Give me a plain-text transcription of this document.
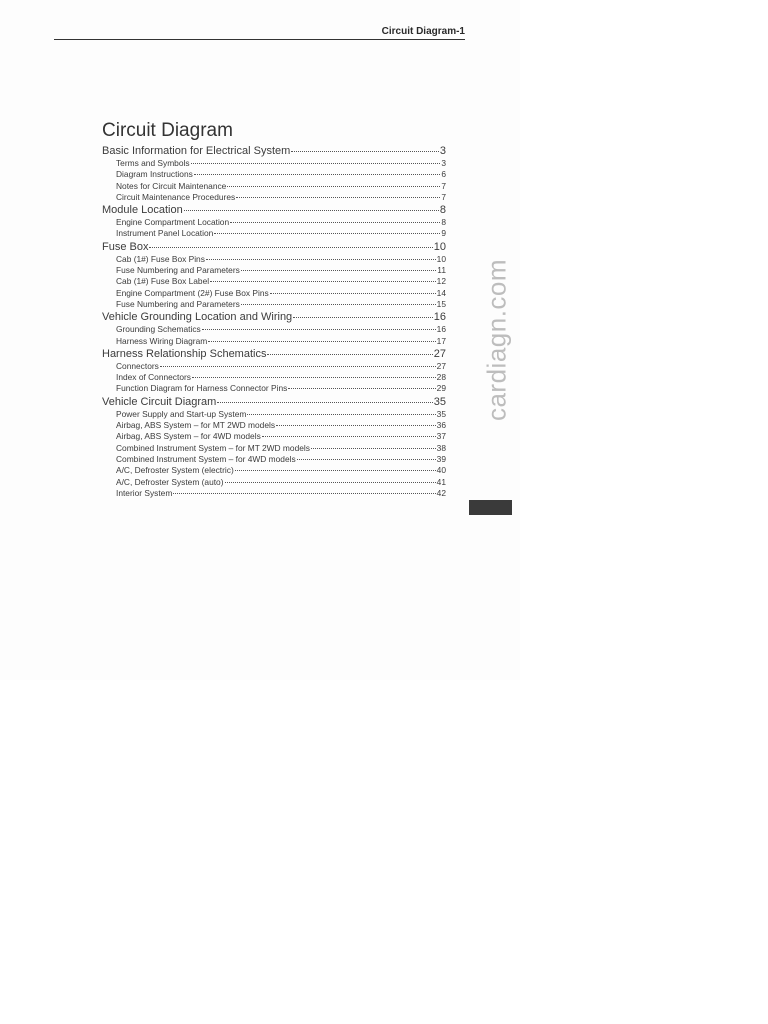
Circuit Diagram-1
Circuit Diagram
Basic Information for Electrical System	3
Terms and Symbols	3
Diagram Instructions	6
Notes for Circuit Maintenance	7
Circuit Maintenance Procedures	7
Module Location	8
Engine Compartment Location	8
Instrument Panel Location	9
Fuse Box	10
Cab (1#) Fuse Box Pins	10
Fuse Numbering and Parameters	11
Cab (1#) Fuse Box Label	12
Engine Compartment (2#) Fuse Box Pins	14
Fuse Numbering and Parameters	15
Vehicle Grounding Location and Wiring	16
Grounding Schematics	16
Harness Wiring Diagram	17
Harness Relationship Schematics	27
Connectors	27
Index of Connectors	28
Function Diagram for Harness Connector Pins	29
Vehicle Circuit Diagram	35
Power Supply and Start-up System	35
Airbag, ABS System – for MT 2WD models	36
Airbag, ABS System – for 4WD models	37
Combined Instrument System – for MT 2WD models	38
Combined Instrument System – for 4WD models	39
A/C, Defroster System (electric)	40
A/C, Defroster System (auto)	41
Interior System	42
cardiagn.com
